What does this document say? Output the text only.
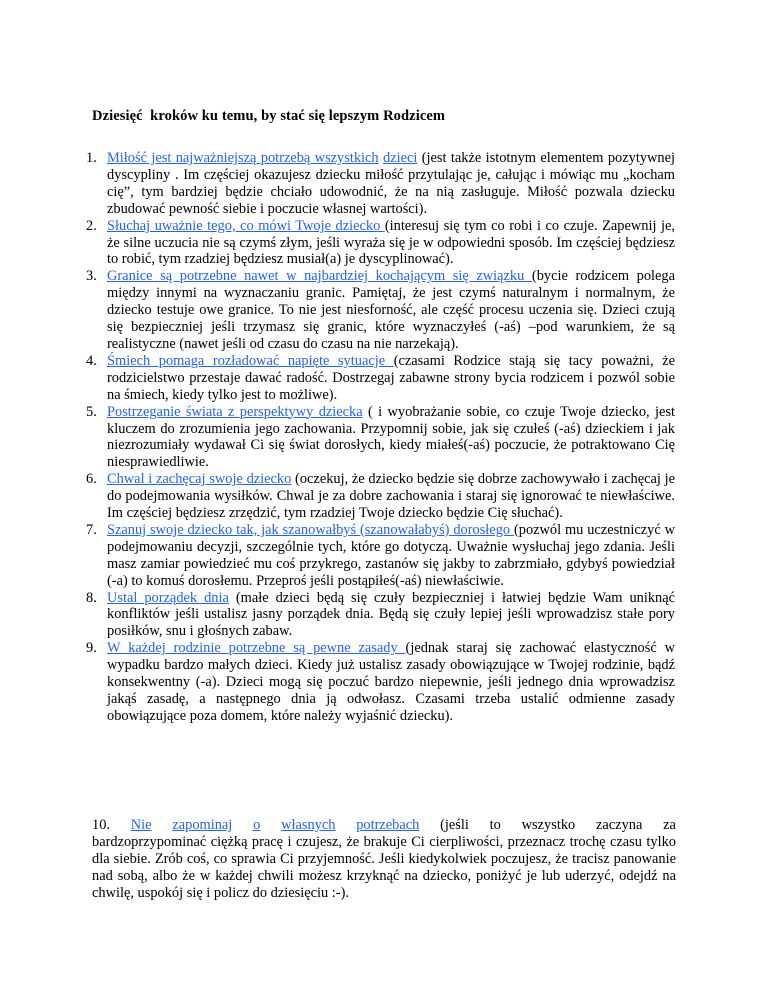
Dziesięć  kroków ku temu, by stać się lepszym Rodzicem

1. Miłość jest najważniejszą potrzebą wszystkich dzieci (jest także istotnym elementem pozytywnej dyscypliny . Im częściej okazujesz dziecku miłość przytulając je, całując i mówiąc mu „kocham cię”, tym bardziej będzie chciało udowodnić, że na nią zasługuje. Miłość pozwala dziecku zbudować pewność siebie i poczucie własnej wartości).

2. Słuchaj uważnie tego, co mówi Twoje dziecko (interesuj się tym co robi i co czuje. Zapewnij je, że silne uczucia nie są czymś złym, jeśli wyraża się je w odpowiedni sposób. Im częściej będziesz to robić, tym rzadziej będziesz musiał(a) je dyscyplinować).

3. Granice są potrzebne nawet w najbardziej kochającym się związku (bycie rodzicem polega między innymi na wyznaczaniu granic. Pamiętaj, że jest czymś naturalnym i normalnym, że dziecko testuje owe granice. To nie jest niesforność, ale część procesu uczenia się. Dzieci czują się bezpieczniej jeśli trzymasz się granic, które wyznaczyłeś (-aś) –pod warunkiem, że są realistyczne (nawet jeśli od czasu do czasu na nie narzekają).

4. Śmiech pomaga rozładować napięte sytuacje (czasami Rodzice stają się tacy poważni, że rodzicielstwo przestaje dawać radość. Dostrzegaj zabawne strony bycia rodzicem i pozwól sobie na śmiech, kiedy tylko jest to możliwe).

5. Postrzeganie świata z perspektywy dziecka ( i wyobrażanie sobie, co czuje Twoje dziecko, jest kluczem do zrozumienia jego zachowania. Przypomnij sobie, jak się czułeś (-aś) dzieckiem i jak niezrozumiały wydawał Ci się świat dorosłych, kiedy miałeś(-aś) poczucie, że potraktowano Cię niesprawiedliwie.

6. Chwal i zachęcaj swoje dziecko (oczekuj, że dziecko będzie się dobrze zachowywało i zachęcaj je do podejmowania wysiłków. Chwal je za dobre zachowania i staraj się ignorować te niewłaściwe. Im częściej będziesz zrzędzić, tym rzadziej Twoje dziecko będzie Cię słuchać).

7. Szanuj swoje dziecko tak, jak szanowałbyś (szanowałabyś) dorosłego (pozwól mu uczestniczyć w podejmowaniu decyzji, szczególnie tych, które go dotyczą. Uważnie wysłuchaj jego zdania. Jeśli masz zamiar powiedzieć mu coś przykrego, zastanów się jakby to zabrzmiało, gdybyś powiedział (-a) to komuś dorosłemu. Przeproś jeśli postąpiłeś(-aś) niewłaściwie.

8. Ustal porządek dnia (małe dzieci będą się czuły bezpieczniej i łatwiej będzie Wam uniknąć konfliktów jeśli ustalisz jasny porządek dnia. Będą się czuły lepiej jeśli wprowadzisz stałe pory posiłków, snu i głośnych zabaw.

9. W każdej rodzinie potrzebne są pewne zasady (jednak staraj się zachować elastyczność w wypadku bardzo małych dzieci. Kiedy już ustalisz zasady obowiązujące w Twojej rodzinie, bądź konsekwentny (-a). Dzieci mogą się poczuć bardzo niepewnie, jeśli jednego dnia wprowadzisz jakąś zasadę, a następnego dnia ją odwołasz. Czasami trzeba ustalić odmienne zasady obowiązujące poza domem, które należy wyjaśnić dziecku).

10. Nie zapominaj o własnych potrzebach (jeśli to wszystko zaczyna za
bardzoprzypominać ciężką pracę i czujesz, że brakuje Ci cierpliwości, przeznacz trochę czasu tylko dla siebie. Zrób coś, co sprawia Ci przyjemność. Jeśli kiedykolwiek poczujesz, że tracisz panowanie nad sobą, albo że w każdej chwili możesz krzyknąć na dziecko, poniżyć je lub uderzyć, odejdź na chwilę, uspokój się i policz do dziesięciu :-).
